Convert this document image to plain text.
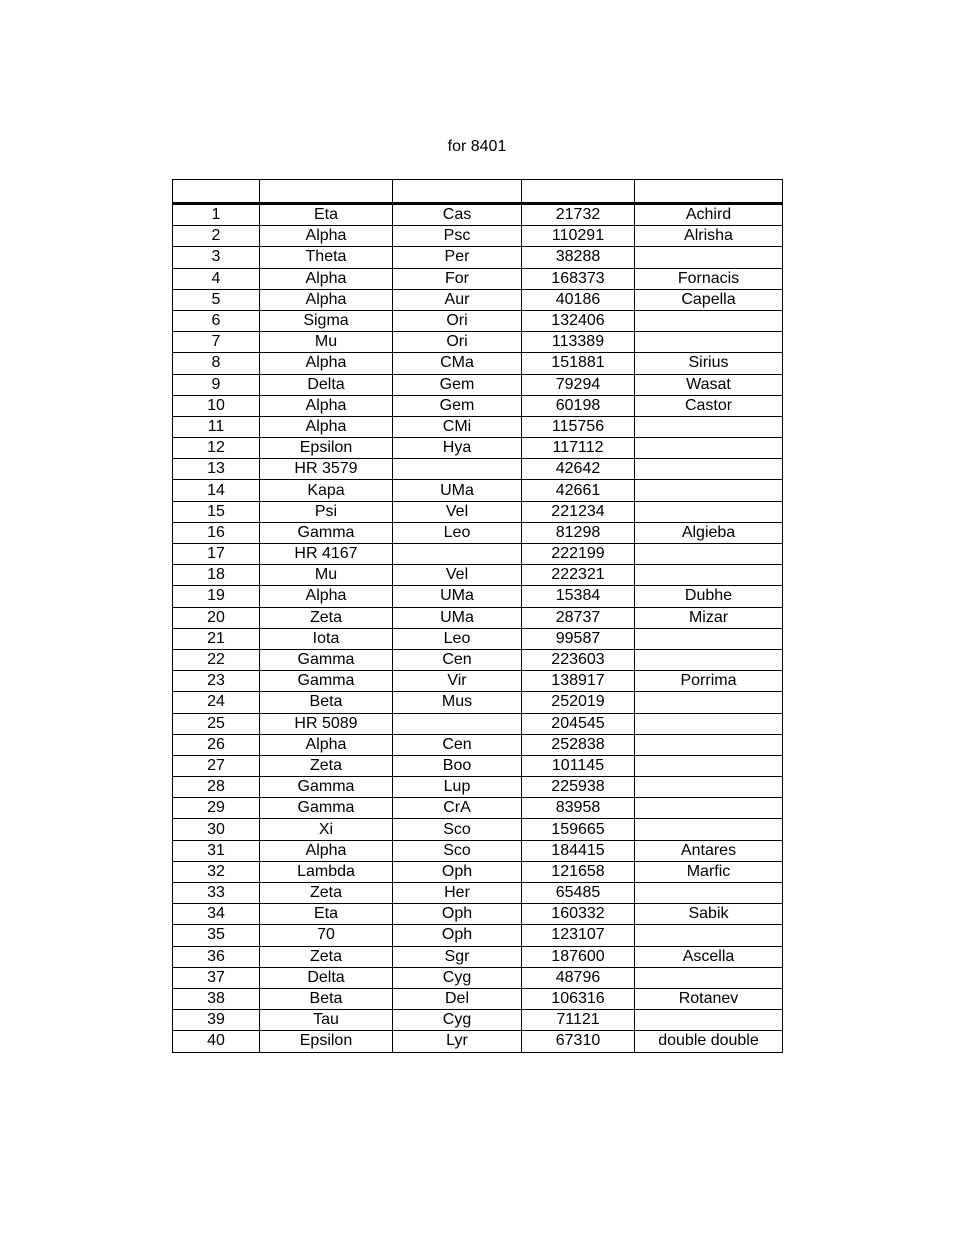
for 8401

1	Eta	Cas	21732	Achird
2	Alpha	Psc	110291	Alrisha
3	Theta	Per	38288	
4	Alpha	For	168373	Fornacis
5	Alpha	Aur	40186	Capella
6	Sigma	Ori	132406	
7	Mu	Ori	113389	
8	Alpha	CMa	151881	Sirius
9	Delta	Gem	79294	Wasat
10	Alpha	Gem	60198	Castor
11	Alpha	CMi	115756	
12	Epsilon	Hya	117112	
13	HR 3579		42642	
14	Kapa	UMa	42661	
15	Psi	Vel	221234	
16	Gamma	Leo	81298	Algieba
17	HR 4167		222199	
18	Mu	Vel	222321	
19	Alpha	UMa	15384	Dubhe
20	Zeta	UMa	28737	Mizar
21	Iota	Leo	99587	
22	Gamma	Cen	223603	
23	Gamma	Vir	138917	Porrima
24	Beta	Mus	252019	
25	HR 5089		204545	
26	Alpha	Cen	252838	
27	Zeta	Boo	101145	
28	Gamma	Lup	225938	
29	Gamma	CrA	83958	
30	Xi	Sco	159665	
31	Alpha	Sco	184415	Antares
32	Lambda	Oph	121658	Marfic
33	Zeta	Her	65485	
34	Eta	Oph	160332	Sabik
35	70	Oph	123107	
36	Zeta	Sgr	187600	Ascella
37	Delta	Cyg	48796	
38	Beta	Del	106316	Rotanev
39	Tau	Cyg	71121	
40	Epsilon	Lyr	67310	double double
